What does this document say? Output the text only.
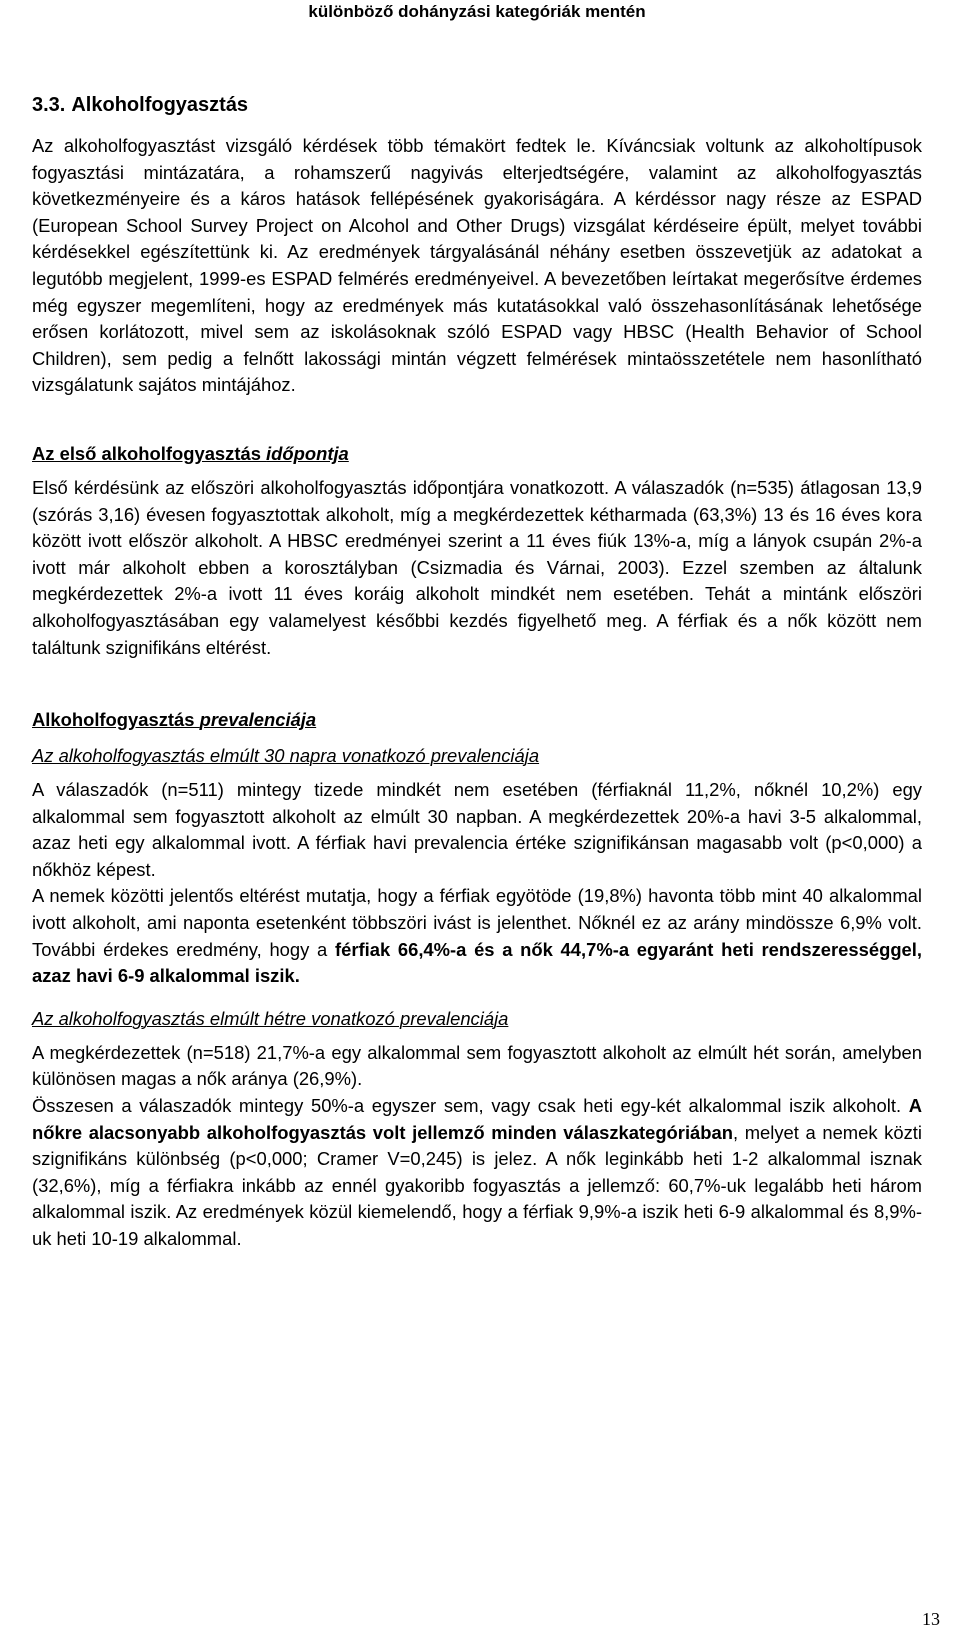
különböző dohányzási kategóriák mentén
3.3. Alkoholfogyasztás

Az alkoholfogyasztást vizsgáló kérdések több témakört fedtek le. Kíváncsiak voltunk az alkoholtípusok fogyasztási mintázatára, a rohamszerű nagyivás elterjedtségére, valamint az alkoholfogyasztás következményeire és a káros hatások fellépésének gyakoriságára. A kérdéssor nagy része az ESPAD (European School Survey Project on Alcohol and Other Drugs) vizsgálat kérdéseire épült, melyet további kérdésekkel egészítettünk ki. Az eredmények tárgyalásánál néhány esetben összevetjük az adatokat a legutóbb megjelent, 1999-es ESPAD felmérés eredményeivel. A bevezetőben leírtakat megerősítve érdemes még egyszer megemlíteni, hogy az eredmények más kutatásokkal való összehasonlításának lehetősége erősen korlátozott, mivel sem az iskolásoknak szóló ESPAD vagy HBSC (Health Behavior of School Children), sem pedig a felnőtt lakossági mintán végzett felmérések mintaösszetétele nem hasonlítható vizsgálatunk sajátos mintájához.

Az első alkoholfogyasztás időpontja

Első kérdésünk az előszöri alkoholfogyasztás időpontjára vonatkozott. A válaszadók (n=535) átlagosan 13,9 (szórás 3,16) évesen fogyasztottak alkoholt, míg a megkérdezettek kétharmada (63,3%) 13 és 16 éves kora között ivott először alkoholt. A HBSC eredményei szerint a 11 éves fiúk 13%-a, míg a lányok csupán 2%-a ivott már alkoholt ebben a korosztályban (Csizmadia és Várnai, 2003). Ezzel szemben az általunk megkérdezettek 2%-a ivott 11 éves koráig alkoholt mindkét nem esetében. Tehát a mintánk előszöri alkoholfogyasztásában egy valamelyest későbbi kezdés figyelhető meg. A férfiak és a nők között nem találtunk szignifikáns eltérést.

Alkoholfogyasztás prevalenciája
Az alkoholfogyasztás elmúlt 30 napra vonatkozó prevalenciája

A válaszadók (n=511) mintegy tizede mindkét nem esetében (férfiaknál 11,2%, nőknél 10,2%) egy alkalommal sem fogyasztott alkoholt az elmúlt 30 napban. A megkérdezettek 20%-a havi 3-5 alkalommal, azaz heti egy alkalommal ivott. A férfiak havi prevalencia értéke szignifikánsan magasabb volt (p<0,000) a nőkhöz képest.

A nemek közötti jelentős eltérést mutatja, hogy a férfiak egyötöde (19,8%) havonta több mint 40 alkalommal ivott alkoholt, ami naponta esetenként többszöri ivást is jelenthet. Nőknél ez az arány mindössze 6,9% volt. További érdekes eredmény, hogy a férfiak 66,4%-a és a nők 44,7%-a egyaránt heti rendszerességgel, azaz havi 6-9 alkalommal iszik.

Az alkoholfogyasztás elmúlt hétre vonatkozó prevalenciája

A megkérdezettek (n=518) 21,7%-a egy alkalommal sem fogyasztott alkoholt az elmúlt hét során, amelyben különösen magas a nők aránya (26,9%).

Összesen a válaszadók mintegy 50%-a egyszer sem, vagy csak heti egy-két alkalommal iszik alkoholt. A nőkre alacsonyabb alkoholfogyasztás volt jellemző minden válaszkategóriában, melyet a nemek közti szignifikáns különbség (p<0,000; Cramer V=0,245) is jelez. A nők leginkább heti 1-2 alkalommal isznak (32,6%), míg a férfiakra inkább az ennél gyakoribb fogyasztás a jellemző: 60,7%-uk legalább heti három alkalommal iszik. Az eredmények közül kiemelendő, hogy a férfiak 9,9%-a iszik heti 6-9 alkalommal és 8,9%-uk heti 10-19 alkalommal.

13
